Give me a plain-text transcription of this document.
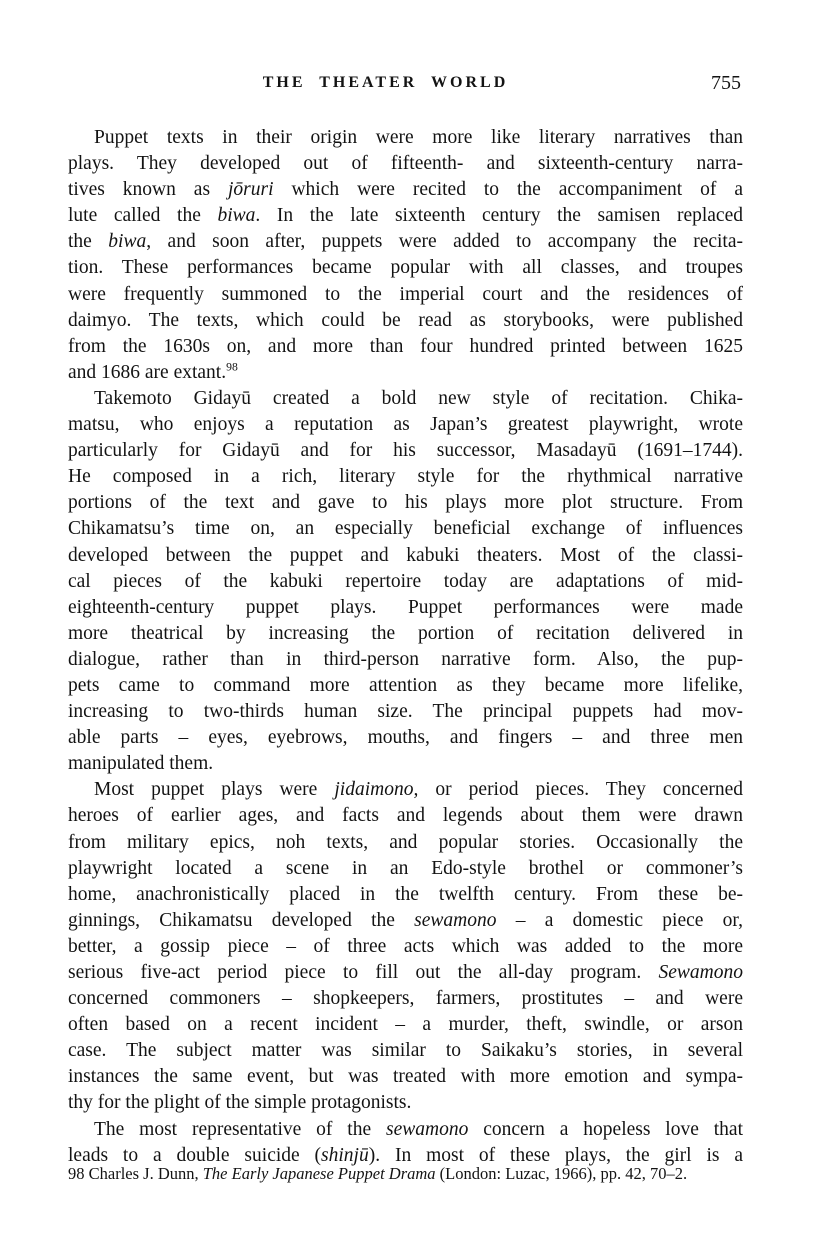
THE THEATER WORLD	755
Puppet texts in their origin were more like literary narratives than
plays. They developed out of fifteenth- and sixteenth-century narra-
tives known as jōruri which were recited to the accompaniment of a
lute called the biwa. In the late sixteenth century the samisen replaced
the biwa, and soon after, puppets were added to accompany the recita-
tion. These performances became popular with all classes, and troupes
were frequently summoned to the imperial court and the residences of
daimyo. The texts, which could be read as storybooks, were published
from the 1630s on, and more than four hundred printed between 1625
and 1686 are extant.$^{98}$
Takemoto Gidayū created a bold new style of recitation. Chika-
matsu, who enjoys a reputation as Japan’s greatest playwright, wrote
particularly for Gidayū and for his successor, Masadayū (1691–1744).
He composed in a rich, literary style for the rhythmical narrative
portions of the text and gave to his plays more plot structure. From
Chikamatsu’s time on, an especially beneficial exchange of influences
developed between the puppet and kabuki theaters. Most of the classi-
cal pieces of the kabuki repertoire today are adaptations of mid-
eighteenth-century puppet plays. Puppet performances were made
more theatrical by increasing the portion of recitation delivered in
dialogue, rather than in third-person narrative form. Also, the pup-
pets came to command more attention as they became more lifelike,
increasing to two-thirds human size. The principal puppets had mov-
able parts – eyes, eyebrows, mouths, and fingers – and three men
manipulated them.
Most puppet plays were jidaimono, or period pieces. They concerned
heroes of earlier ages, and facts and legends about them were drawn
from military epics, noh texts, and popular stories. Occasionally the
playwright located a scene in an Edo-style brothel or commoner’s
home, anachronistically placed in the twelfth century. From these be-
ginnings, Chikamatsu developed the sewamono – a domestic piece or,
better, a gossip piece – of three acts which was added to the more
serious five-act period piece to fill out the all-day program. Sewamono
concerned commoners – shopkeepers, farmers, prostitutes – and were
often based on a recent incident – a murder, theft, swindle, or arson
case. The subject matter was similar to Saikaku’s stories, in several
instances the same event, but was treated with more emotion and sympa-
thy for the plight of the simple protagonists.
The most representative of the sewamono concern a hopeless love that
leads to a double suicide (shinjū). In most of these plays, the girl is a
98 Charles J. Dunn, The Early Japanese Puppet Drama (London: Luzac, 1966), pp. 42, 70–2.
